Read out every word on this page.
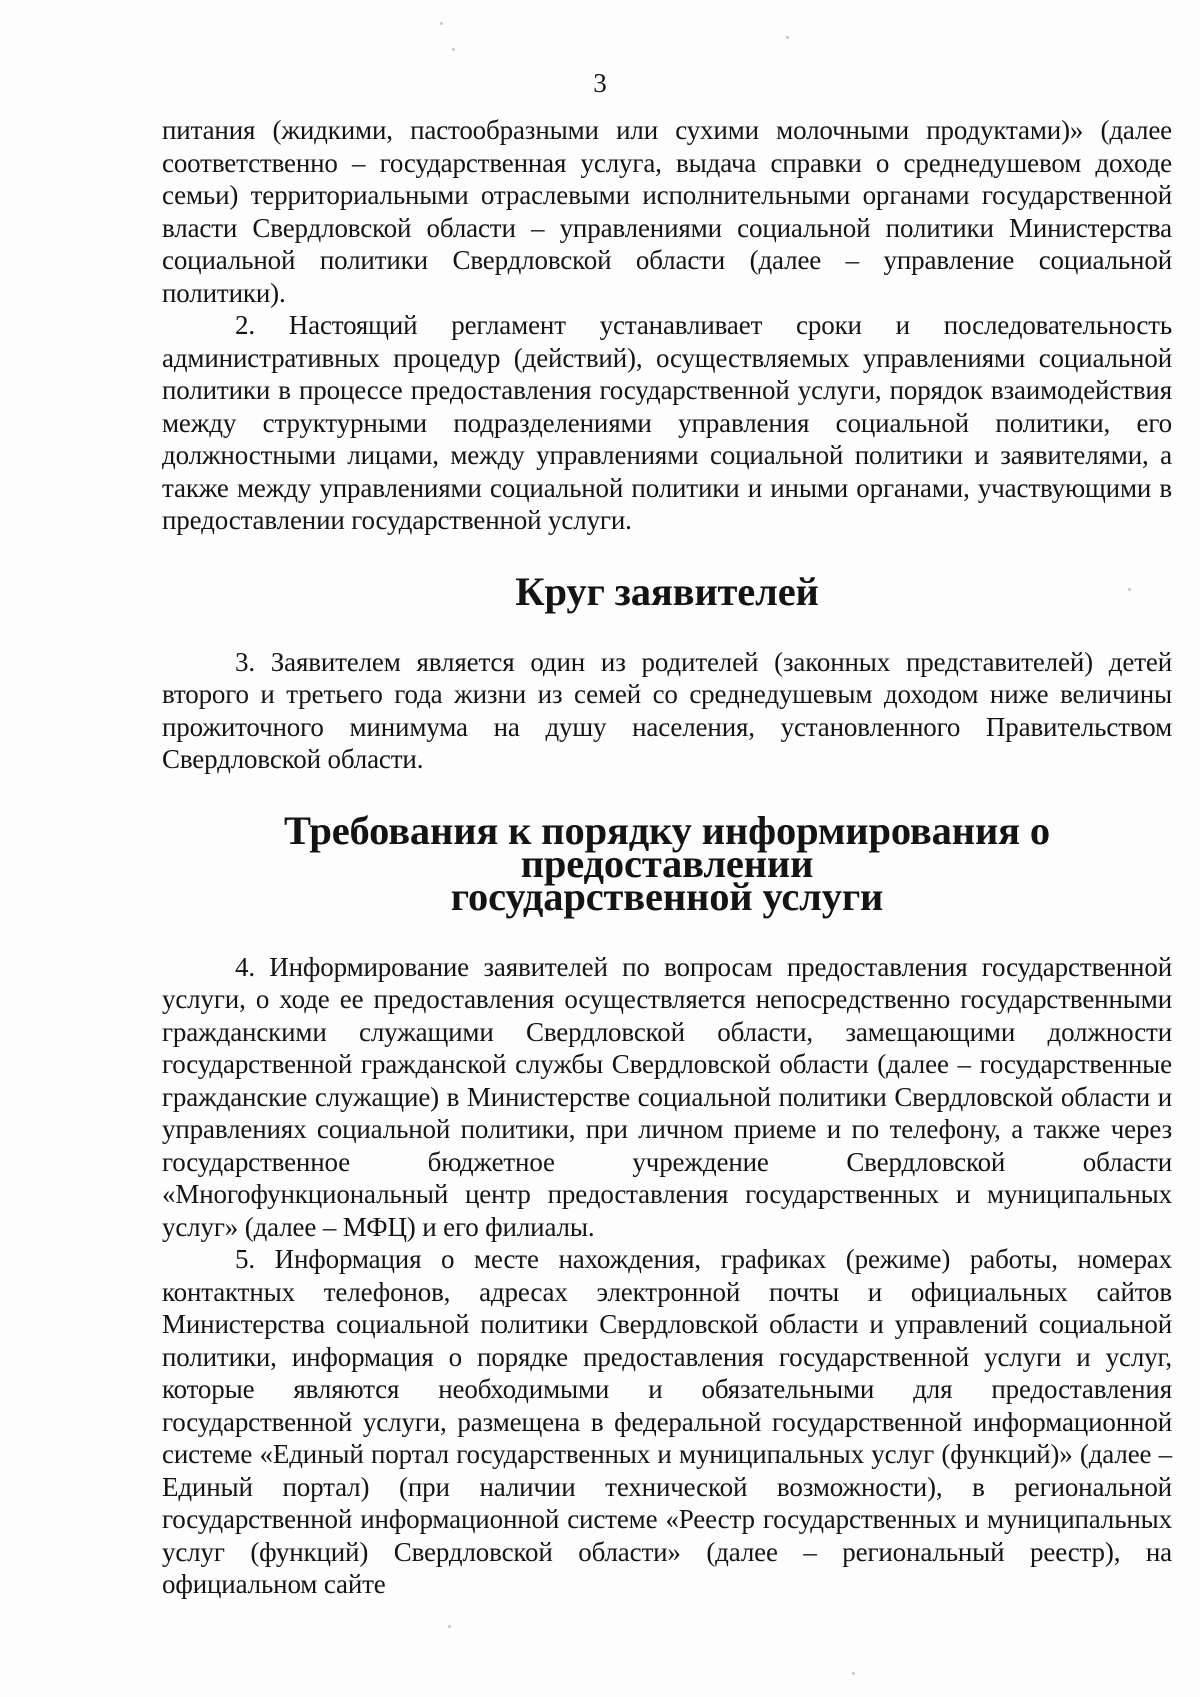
3

питания (жидкими, пастообразными или сухими молочными продуктами)» (далее соответственно – государственная услуга, выдача справки о среднедушевом доходе семьи) территориальными отраслевыми исполнительными органами государственной власти Свердловской области – управлениями социальной политики Министерства социальной политики Свердловской области (далее – управление социальной политики).

2. Настоящий регламент устанавливает сроки и последовательность административных процедур (действий), осуществляемых управлениями социальной политики в процессе предоставления государственной услуги, порядок взаимодействия между структурными подразделениями управления социальной политики, его должностными лицами, между управлениями социальной политики и заявителями, а также между управлениями социальной политики и иными органами, участвующими в предоставлении государственной услуги.

Круг заявителей

3. Заявителем является один из родителей (законных представителей) детей второго и третьего года жизни из семей со среднедушевым доходом ниже величины прожиточного минимума на душу населения, установленного Правительством Свердловской области.

Требования к порядку информирования о предоставлении
государственной услуги

4. Информирование заявителей по вопросам предоставления государственной услуги, о ходе ее предоставления осуществляется непосредственно государственными гражданскими служащими Свердловской области, замещающими должности государственной гражданской службы Свердловской области (далее – государственные гражданские служащие) в Министерстве социальной политики Свердловской области и управлениях социальной политики, при личном приеме и по телефону, а также через государственное бюджетное учреждение Свердловской области «Многофункциональный центр предоставления государственных и муниципальных услуг» (далее – МФЦ) и его филиалы.

5. Информация о месте нахождения, графиках (режиме) работы, номерах контактных телефонов, адресах электронной почты и официальных сайтов Министерства социальной политики Свердловской области и управлений социальной политики, информация о порядке предоставления государственной услуги и услуг, которые являются необходимыми и обязательными для предоставления государственной услуги, размещена в федеральной государственной информационной системе «Единый портал государственных и муниципальных услуг (функций)» (далее – Единый портал) (при наличии технической возможности), в региональной государственной информационной системе «Реестр государственных и муниципальных услуг (функций) Свердловской области» (далее – региональный реестр), на официальном сайте
